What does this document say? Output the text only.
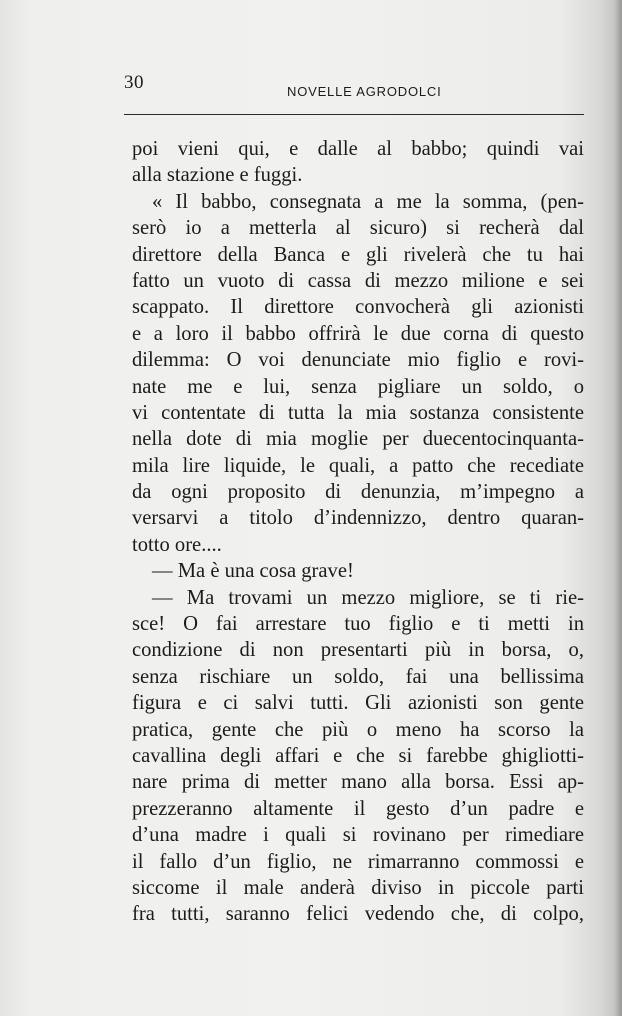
30	NOVELLE AGRODOLCI
poi vieni qui, e dalle al babbo; quindi vai
alla stazione e fuggi.
« Il babbo, consegnata a me la somma, (pen-
serò io a metterla al sicuro) si recherà dal
direttore della Banca e gli rivelerà che tu hai
fatto un vuoto di cassa di mezzo milione e sei
scappato. Il direttore convocherà gli azionisti
e a loro il babbo offrirà le due corna di questo
dilemma: O voi denunciate mio figlio e rovi-
nate me e lui, senza pigliare un soldo, o
vi contentate di tutta la mia sostanza consistente
nella dote di mia moglie per duecentocinquanta-
mila lire liquide, le quali, a patto che recediate
da ogni proposito di denunzia, m’impegno a
versarvi a titolo d’indennizzo, dentro quaran-
totto ore....
— Ma è una cosa grave!
— Ma trovami un mezzo migliore, se ti rie-
sce! O fai arrestare tuo figlio e ti metti in
condizione di non presentarti più in borsa, o,
senza rischiare un soldo, fai una bellissima
figura e ci salvi tutti. Gli azionisti son gente
pratica, gente che più o meno ha scorso la
cavallina degli affari e che si farebbe ghigliotti-
nare prima di metter mano alla borsa. Essi ap-
prezzeranno altamente il gesto d’un padre e
d’una madre i quali si rovinano per rimediare
il fallo d’un figlio, ne rimarranno commossi e
siccome il male anderà diviso in piccole parti
fra tutti, saranno felici vedendo che, di colpo,
